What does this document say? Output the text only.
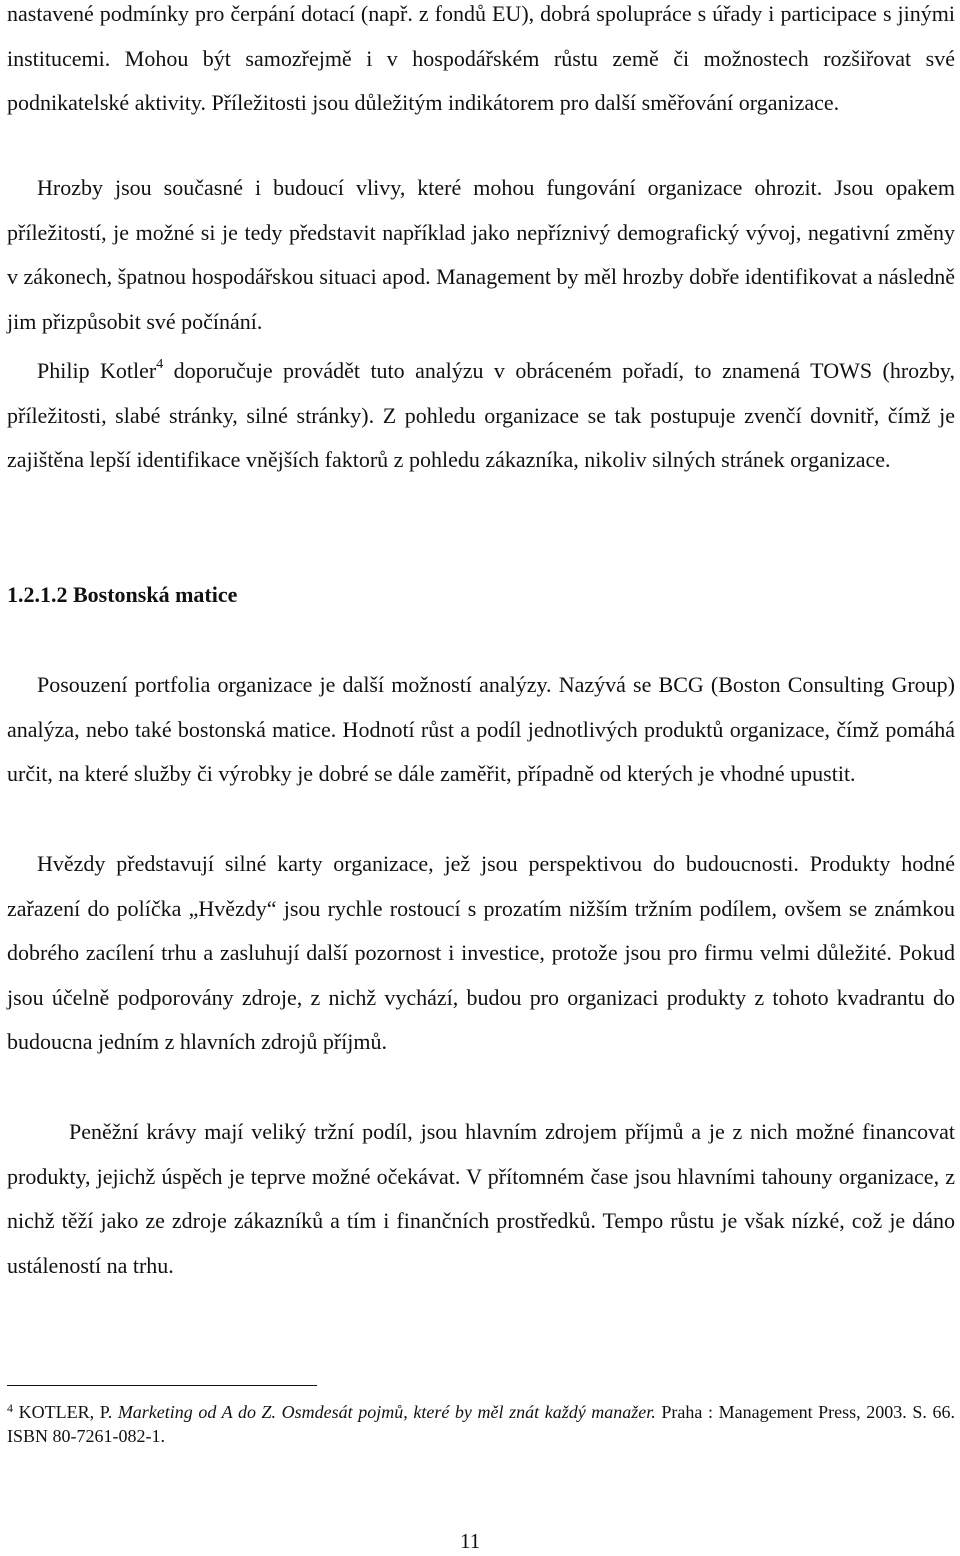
nastavené podmínky pro čerpání dotací (např. z fondů EU), dobrá spolupráce s úřady i participace s jinými institucemi. Mohou být samozřejmě i v hospodářském růstu země či možnostech rozšiřovat své podnikatelské aktivity. Příležitosti jsou důležitým indikátorem pro další směřování organizace.

Hrozby jsou současné i budoucí vlivy, které mohou fungování organizace ohrozit. Jsou opakem příležitostí, je možné si je tedy představit například jako nepříznivý demografický vývoj, negativní změny v zákonech, špatnou hospodářskou situaci apod. Management by měl hrozby dobře identifikovat a následně jim přizpůsobit své počínání.

Philip Kotler$^4$ doporučuje provádět tuto analýzu v obráceném pořadí, to znamená TOWS (hrozby, příležitosti, slabé stránky, silné stránky). Z pohledu organizace se tak postupuje zvenčí dovnitř, čímž je zajištěna lepší identifikace vnějších faktorů z pohledu zákazníka, nikoliv silných stránek organizace.

1.2.1.2 Bostonská matice

Posouzení portfolia organizace je další možností analýzy. Nazývá se BCG (Boston Consulting Group) analýza, nebo také bostonská matice. Hodnotí růst a podíl jednotlivých produktů organizace, čímž pomáhá určit, na které služby či výrobky je dobré se dále zaměřit, případně od kterých je vhodné upustit.

Hvězdy představují silné karty organizace, jež jsou perspektivou do budoucnosti. Produkty hodné zařazení do políčka „Hvězdy“ jsou rychle rostoucí s prozatím nižším tržním podílem, ovšem se známkou dobrého zacílení trhu a zasluhují další pozornost i investice, protože jsou pro firmu velmi důležité. Pokud jsou účelně podporovány zdroje, z nichž vychází, budou pro organizaci produkty z tohoto kvadrantu do budoucna jedním z hlavních zdrojů příjmů.

Peněžní krávy mají veliký tržní podíl, jsou hlavním zdrojem příjmů a je z nich možné financovat produkty, jejichž úspěch je teprve možné očekávat. V přítomném čase jsou hlavními tahouny organizace, z nichž těží jako ze zdroje zákazníků a tím i finančních prostředků. Tempo růstu je však nízké, což je dáno ustáleností na trhu.

$^4$ KOTLER, P. Marketing od A do Z. Osmdesát pojmů, které by měl znát každý manažer. Praha : Management Press, 2003. S. 66. ISBN 80-7261-082-1.

11
